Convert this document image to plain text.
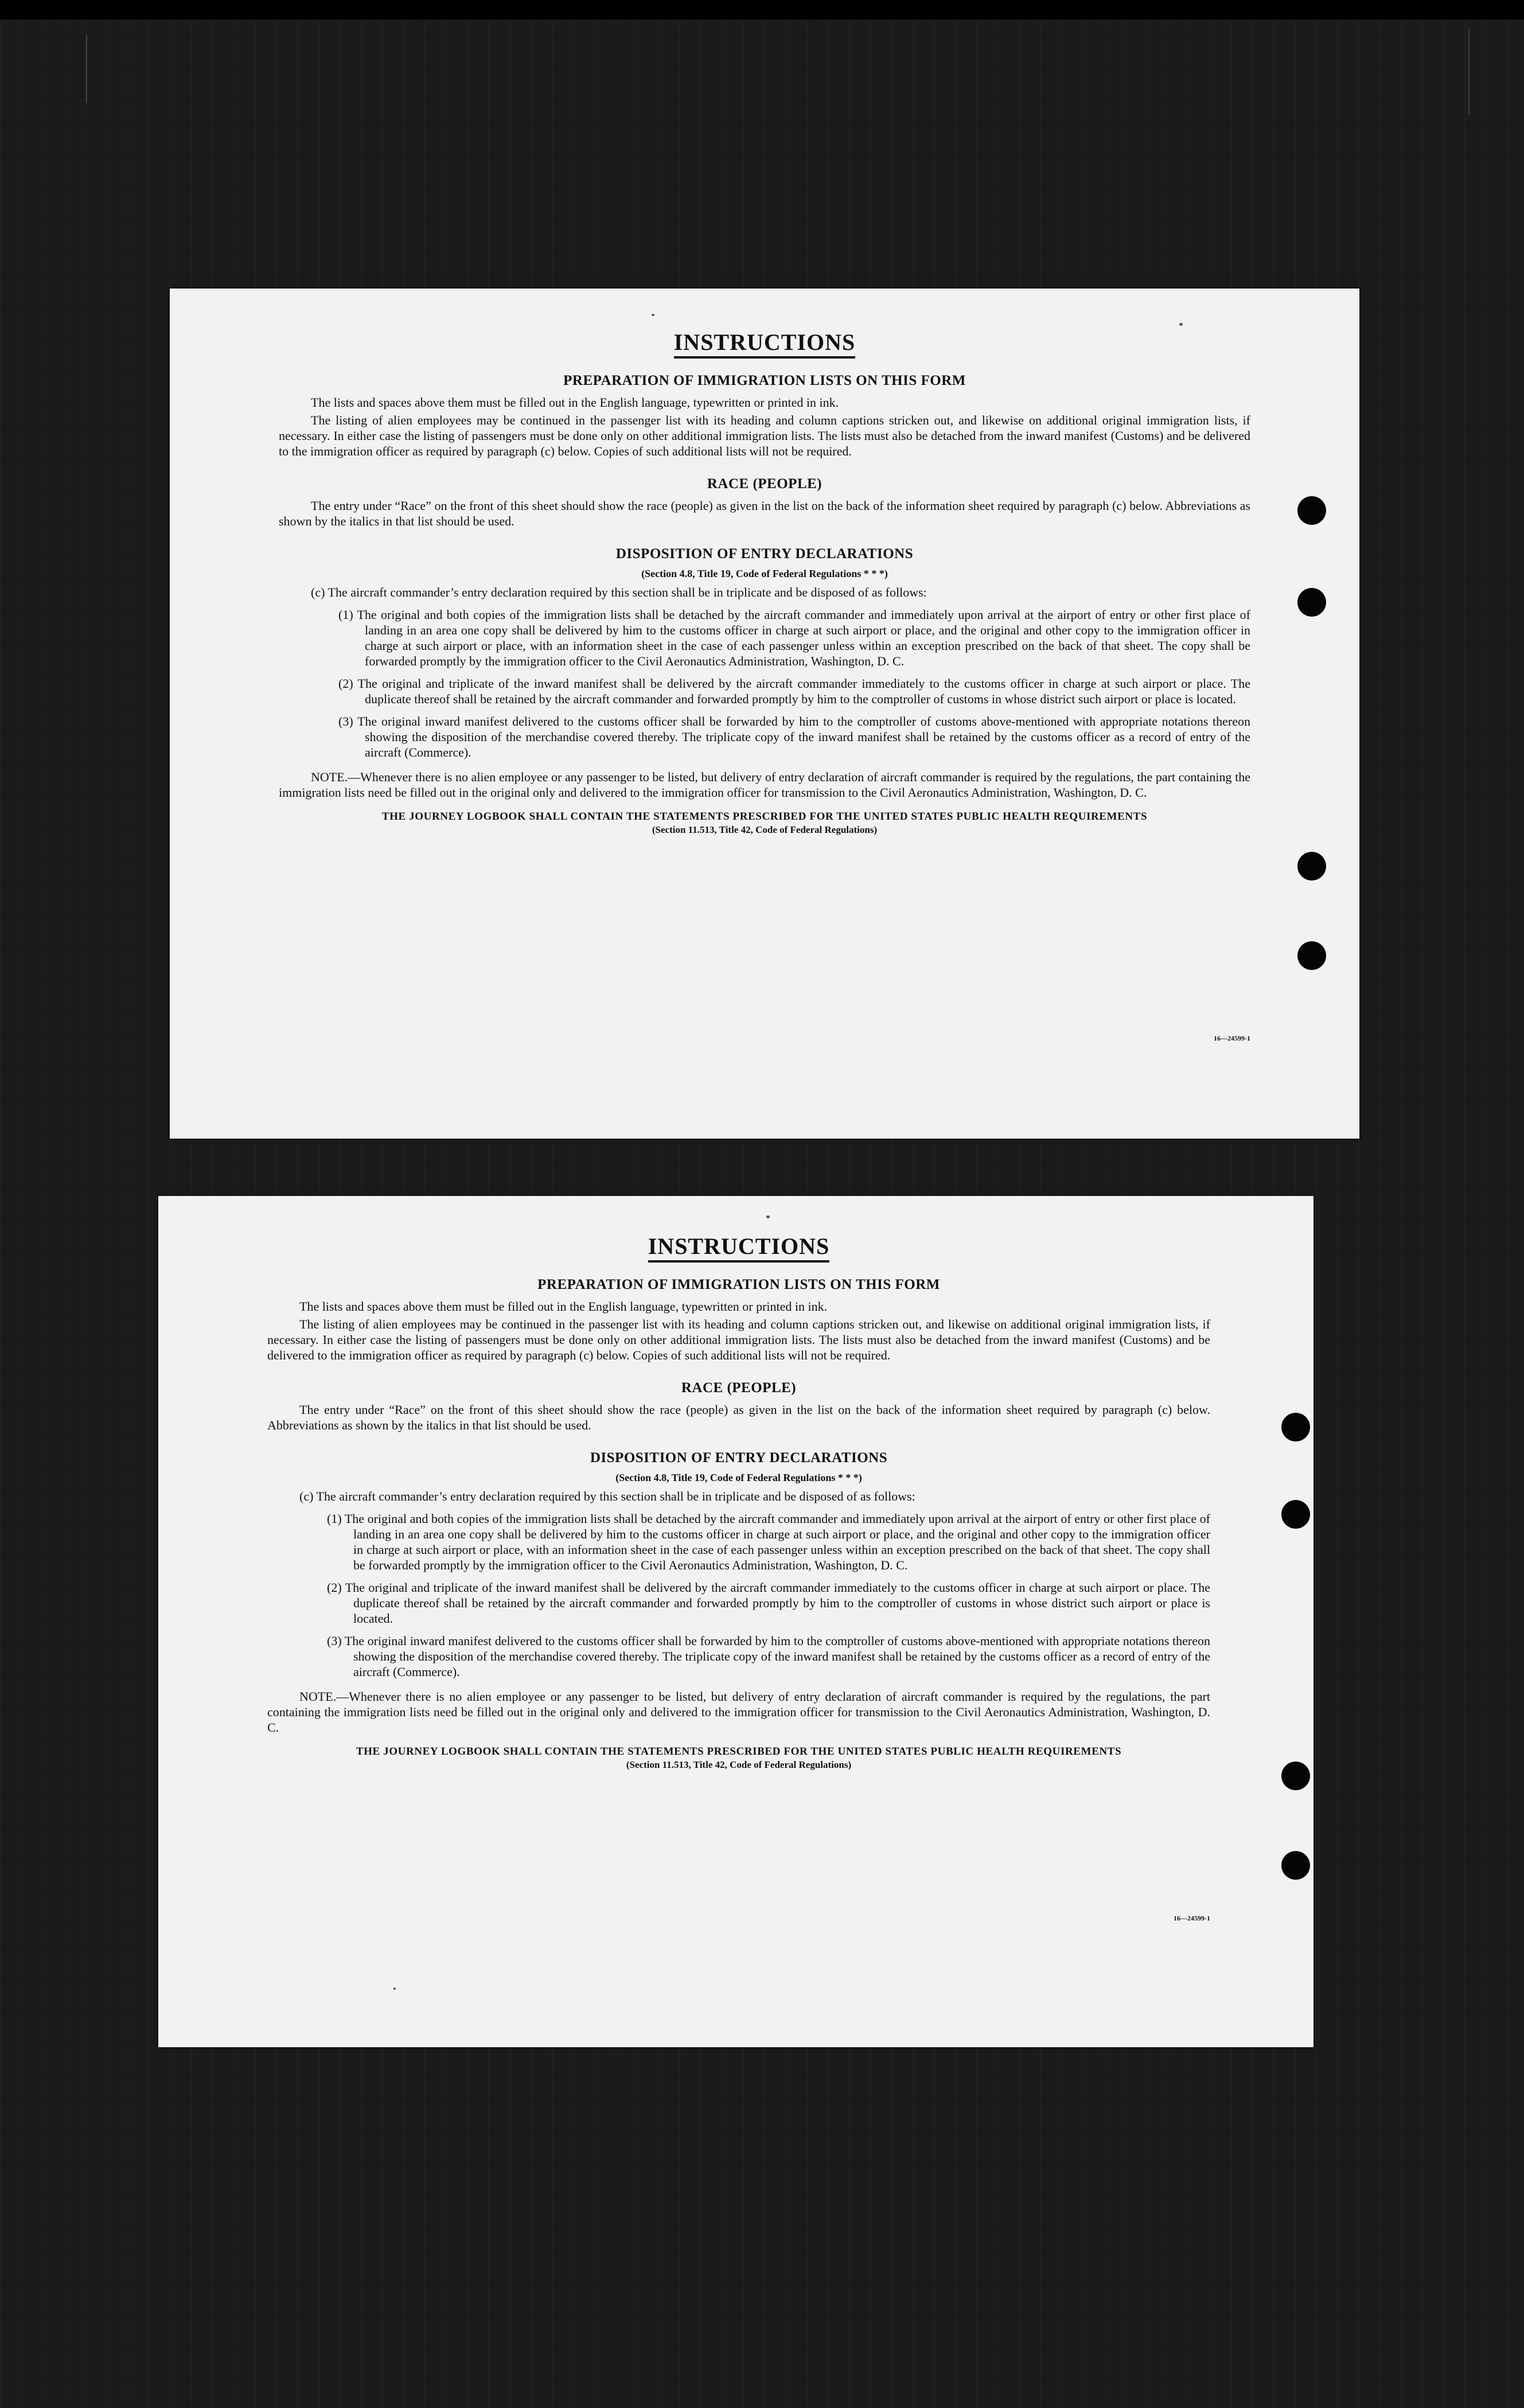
INSTRUCTIONS

PREPARATION OF IMMIGRATION LISTS ON THIS FORM

The lists and spaces above them must be filled out in the English language, typewritten or printed in ink.

The listing of alien employees may be continued in the passenger list with its heading and column captions stricken out, and likewise on additional original immigration lists, if necessary. In either case the listing of passengers must be done only on other additional immigration lists. The lists must also be detached from the inward manifest (Customs) and be delivered to the immigration officer as required by paragraph (c) below. Copies of such additional lists will not be required.

RACE (PEOPLE)

The entry under “Race” on the front of this sheet should show the race (people) as given in the list on the back of the information sheet required by paragraph (c) below. Abbreviations as shown by the italics in that list should be used.

DISPOSITION OF ENTRY DECLARATIONS

(Section 4.8, Title 19, Code of Federal Regulations * * *)

(c) The aircraft commander’s entry declaration required by this section shall be in triplicate and be disposed of as follows:

(1) The original and both copies of the immigration lists shall be detached by the aircraft commander and immediately upon arrival at the airport of entry or other first place of landing in an area one copy shall be delivered by him to the customs officer in charge at such airport or place, and the original and other copy to the immigration officer in charge at such airport or place, with an information sheet in the case of each passenger unless within an exception prescribed on the back of that sheet. The copy shall be forwarded promptly by the immigration officer to the Civil Aeronautics Administration, Washington, D. C.

(2) The original and triplicate of the inward manifest shall be delivered by the aircraft commander immediately to the customs officer in charge at such airport or place. The duplicate thereof shall be retained by the aircraft commander and forwarded promptly by him to the comptroller of customs in whose district such airport or place is located.

(3) The original inward manifest delivered to the customs officer shall be forwarded by him to the comptroller of customs above-mentioned with appropriate notations thereon showing the disposition of the merchandise covered thereby. The triplicate copy of the inward manifest shall be retained by the customs officer as a record of entry of the aircraft (Commerce).

NOTE.—Whenever there is no alien employee or any passenger to be listed, but delivery of entry declaration of aircraft commander is required by the regulations, the part containing the immigration lists need be filled out in the original only and delivered to the immigration officer for transmission to the Civil Aeronautics Administration, Washington, D. C.

THE JOURNEY LOGBOOK SHALL CONTAIN THE STATEMENTS PRESCRIBED FOR THE UNITED STATES PUBLIC HEALTH REQUIREMENTS

(Section 11.513, Title 42, Code of Federal Regulations)

16—24599-1

INSTRUCTIONS

PREPARATION OF IMMIGRATION LISTS ON THIS FORM

The lists and spaces above them must be filled out in the English language, typewritten or printed in ink.

The listing of alien employees may be continued in the passenger list with its heading and column captions stricken out, and likewise on additional original immigration lists, if necessary. In either case the listing of passengers must be done only on other additional immigration lists. The lists must also be detached from the inward manifest (Customs) and be delivered to the immigration officer as required by paragraph (c) below. Copies of such additional lists will not be required.

RACE (PEOPLE)

The entry under “Race” on the front of this sheet should show the race (people) as given in the list on the back of the information sheet required by paragraph (c) below. Abbreviations as shown by the italics in that list should be used.

DISPOSITION OF ENTRY DECLARATIONS

(Section 4.8, Title 19, Code of Federal Regulations * * *)

(c) The aircraft commander’s entry declaration required by this section shall be in triplicate and be disposed of as follows:

(1) The original and both copies of the immigration lists shall be detached by the aircraft commander and immediately upon arrival at the airport of entry or other first place of landing in an area one copy shall be delivered by him to the customs officer in charge at such airport or place, and the original and other copy to the immigration officer in charge at such airport or place, with an information sheet in the case of each passenger unless within an exception prescribed on the back of that sheet. The copy shall be forwarded promptly by the immigration officer to the Civil Aeronautics Administration, Washington, D. C.

(2) The original and triplicate of the inward manifest shall be delivered by the aircraft commander immediately to the customs officer in charge at such airport or place. The duplicate thereof shall be retained by the aircraft commander and forwarded promptly by him to the comptroller of customs in whose district such airport or place is located.

(3) The original inward manifest delivered to the customs officer shall be forwarded by him to the comptroller of customs above-mentioned with appropriate notations thereon showing the disposition of the merchandise covered thereby. The triplicate copy of the inward manifest shall be retained by the customs officer as a record of entry of the aircraft (Commerce).

NOTE.—Whenever there is no alien employee or any passenger to be listed, but delivery of entry declaration of aircraft commander is required by the regulations, the part containing the immigration lists need be filled out in the original only and delivered to the immigration officer for transmission to the Civil Aeronautics Administration, Washington, D. C.

THE JOURNEY LOGBOOK SHALL CONTAIN THE STATEMENTS PRESCRIBED FOR THE UNITED STATES PUBLIC HEALTH REQUIREMENTS

(Section 11.513, Title 42, Code of Federal Regulations)

16—24599-1
